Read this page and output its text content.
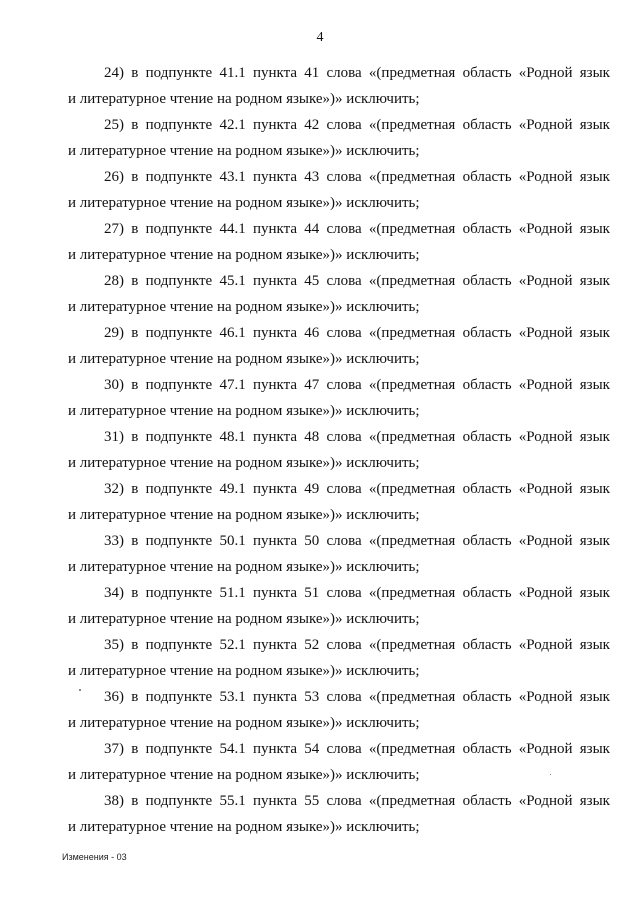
4
24) в подпункте 41.1 пункта 41 слова «(предметная область «Родной язык
и литературное чтение на родном языке»)» исключить;
25) в подпункте 42.1 пункта 42 слова «(предметная область «Родной язык
и литературное чтение на родном языке»)» исключить;
26) в подпункте 43.1 пункта 43 слова «(предметная область «Родной язык
и литературное чтение на родном языке»)» исключить;
27) в подпункте 44.1 пункта 44 слова «(предметная область «Родной язык
и литературное чтение на родном языке»)» исключить;
28) в подпункте 45.1 пункта 45 слова «(предметная область «Родной язык
и литературное чтение на родном языке»)» исключить;
29) в подпункте 46.1 пункта 46 слова «(предметная область «Родной язык
и литературное чтение на родном языке»)» исключить;
30) в подпункте 47.1 пункта 47 слова «(предметная область «Родной язык
и литературное чтение на родном языке»)» исключить;
31) в подпункте 48.1 пункта 48 слова «(предметная область «Родной язык
и литературное чтение на родном языке»)» исключить;
32) в подпункте 49.1 пункта 49 слова «(предметная область «Родной язык
и литературное чтение на родном языке»)» исключить;
33) в подпункте 50.1 пункта 50 слова «(предметная область «Родной язык
и литературное чтение на родном языке»)» исключить;
34) в подпункте 51.1 пункта 51 слова «(предметная область «Родной язык
и литературное чтение на родном языке»)» исключить;
35) в подпункте 52.1 пункта 52 слова «(предметная область «Родной язык
и литературное чтение на родном языке»)» исключить;
36) в подпункте 53.1 пункта 53 слова «(предметная область «Родной язык
и литературное чтение на родном языке»)» исключить;
37) в подпункте 54.1 пункта 54 слова «(предметная область «Родной язык
и литературное чтение на родном языке»)» исключить;
38) в подпункте 55.1 пункта 55 слова «(предметная область «Родной язык
и литературное чтение на родном языке»)» исключить;
Изменения - 03
